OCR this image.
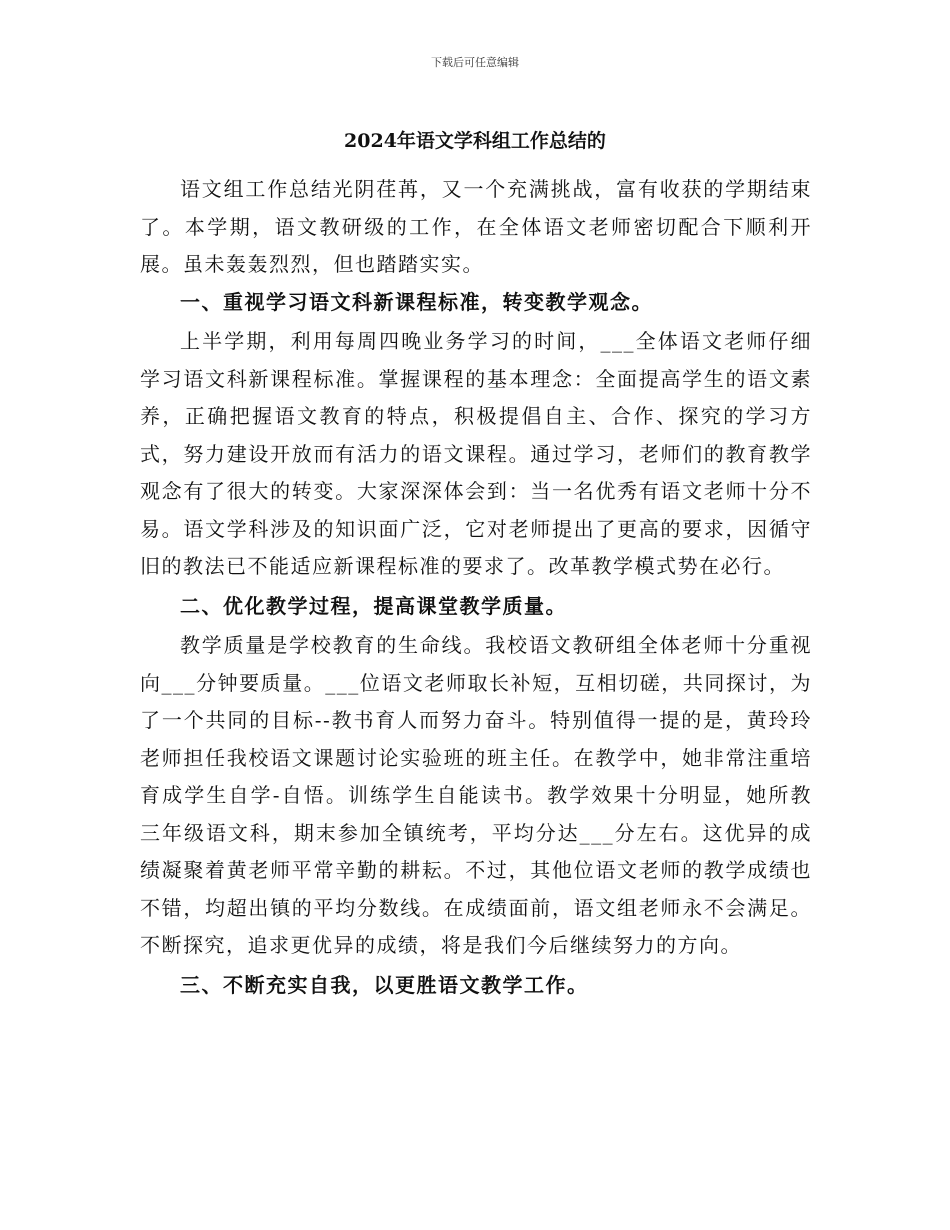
下载后可任意编辑
2024年语文学科组工作总结的

语文组工作总结光阴荏苒，又一个充满挑战，富有收获的学期结束了。本学期，语文教研级的工作，在全体语文老师密切配合下顺利开展。虽未轰轰烈烈，但也踏踏实实。

一、重视学习语文科新课程标准，转变教学观念。

上半学期，利用每周四晚业务学习的时间，___全体语文老师仔细学习语文科新课程标准。掌握课程的基本理念：全面提高学生的语文素养，正确把握语文教育的特点，积极提倡自主、合作、探究的学习方式，努力建设开放而有活力的语文课程。通过学习，老师们的教育教学观念有了很大的转变。大家深深体会到：当一名优秀有语文老师十分不易。语文学科涉及的知识面广泛，它对老师提出了更高的要求，因循守旧的教法已不能适应新课程标准的要求了。改革教学模式势在必行。

二、优化教学过程，提高课堂教学质量。

教学质量是学校教育的生命线。我校语文教研组全体老师十分重视向___分钟要质量。___位语文老师取长补短，互相切磋，共同探讨，为了一个共同的目标--教书育人而努力奋斗。特别值得一提的是，黄玲玲老师担任我校语文课题讨论实验班的班主任。在教学中，她非常注重培育成学生自学-自悟。训练学生自能读书。教学效果十分明显，她所教三年级语文科，期末参加全镇统考，平均分达___分左右。这优异的成绩凝聚着黄老师平常辛勤的耕耘。不过，其他位语文老师的教学成绩也不错，均超出镇的平均分数线。在成绩面前，语文组老师永不会满足。不断探究，追求更优异的成绩，将是我们今后继续努力的方向。

三、不断充实自我，以更胜语文教学工作。
